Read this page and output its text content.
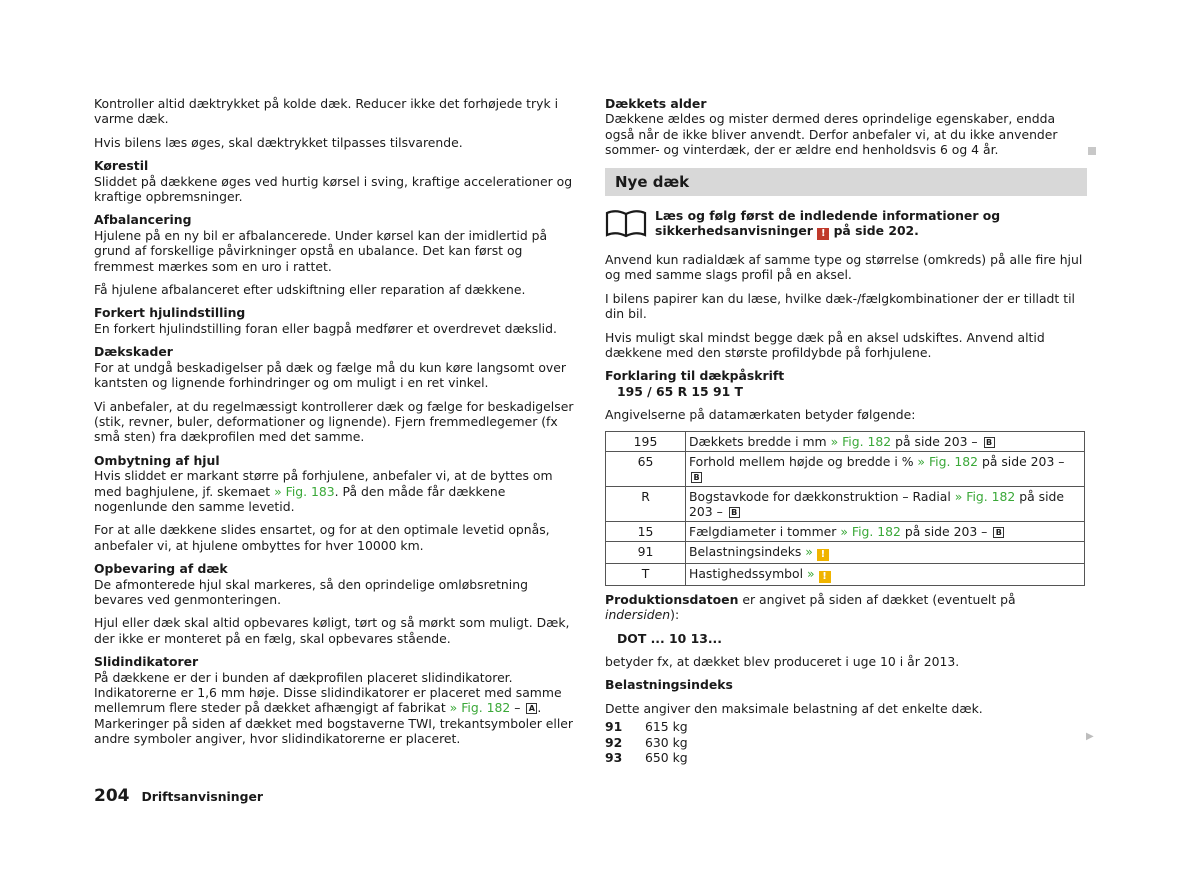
Kontroller altid dæktrykket på kolde dæk. Reducer ikke det forhøjede tryk i varme dæk.

Hvis bilens læs øges, skal dæktrykket tilpasses tilsvarende.

Kørestil
Sliddet på dækkene øges ved hurtig kørsel i sving, kraftige accelerationer og kraftige opbremsninger.
Afbalancering
Hjulene på en ny bil er afbalancerede. Under kørsel kan der imidlertid på grund af forskellige påvirkninger opstå en ubalance. Det kan først og fremmest mærkes som en uro i rattet.

Få hjulene afbalanceret efter udskiftning eller reparation af dækkene.

Forkert hjulindstilling
En forkert hjulindstilling foran eller bagpå medfører et overdrevet dækslid.
Dækskader
For at undgå beskadigelser på dæk og fælge må du kun køre langsomt over kantsten og lignende forhindringer og om muligt i en ret vinkel.

Vi anbefaler, at du regelmæssigt kontrollerer dæk og fælge for beskadigelser (stik, revner, buler, deformationer og lignende). Fjern fremmedlegemer (fx små sten) fra dækprofilen med det samme.

Ombytning af hjul
Hvis sliddet er markant større på forhjulene, anbefaler vi, at de byttes om med baghjulene, jf. skemaet » Fig. 183. På den måde får dækkene nogenlunde den samme levetid.

For at alle dækkene slides ensartet, og for at den optimale levetid opnås, anbefaler vi, at hjulene ombyttes for hver 10000 km.

Opbevaring af dæk
De afmonterede hjul skal markeres, så den oprindelige omløbsretning bevares ved genmonteringen.

Hjul eller dæk skal altid opbevares køligt, tørt og så mørkt som muligt. Dæk, der ikke er monteret på en fælg, skal opbevares stående.

Slidindikatorer
På dækkene er der i bunden af dækprofilen placeret slidindikatorer. Indikatorerne er 1,6 mm høje. Disse slidindikatorer er placeret med samme mellemrum flere steder på dækket afhængigt af fabrikat » Fig. 182 – A . Markeringer på siden af dækket med bogstaverne TWI, trekantsymboler eller andre symboler angiver, hvor slidindikatorerne er placeret.
Dækkets alder
Dækkene ældes og mister dermed deres oprindelige egenskaber, endda også når de ikke bliver anvendt. Derfor anbefaler vi, at du ikke anvender sommer- og vinterdæk, der er ældre end henholdsvis 6 og 4 år.
Nye dæk
Læs og følg først de indledende informationer og sikkerhedsanvisninger ! på side 202.

Anvend kun radialdæk af samme type og størrelse (omkreds) på alle fire hjul og med samme slags profil på en aksel.

I bilens papirer kan du læse, hvilke dæk-/fælgkombinationer der er tilladt til din bil.

Hvis muligt skal mindst begge dæk på en aksel udskiftes. Anvend altid dækkene med den største profildybde på forhjulene.

Forklaring til dækpåskrift
195 / 65 R 15 91 T

Angivelserne på datamærkaten betyder følgende:

195	Dækkets bredde i mm » Fig. 182 på side 203 – B
65	Forhold mellem højde og bredde i % » Fig. 182 på side 203 – B
R	Bogstavkode for dækkonstruktion – Radial » Fig. 182 på side 203 – B
15	Fælgdiameter i tommer » Fig. 182 på side 203 – B
91	Belastningsindeks » !
T	Hastighedssymbol » !

Produktionsdatoen er angivet på siden af dækket (eventuelt på indersiden):

DOT ... 10 13...

betyder fx, at dækket blev produceret i uge 10 i år 2013.

Belastningsindeks

Dette angiver den maksimale belastning af det enkelte dæk.
91	615 kg
92	630 kg
93	650 kg
▶
204 Driftsanvisninger
